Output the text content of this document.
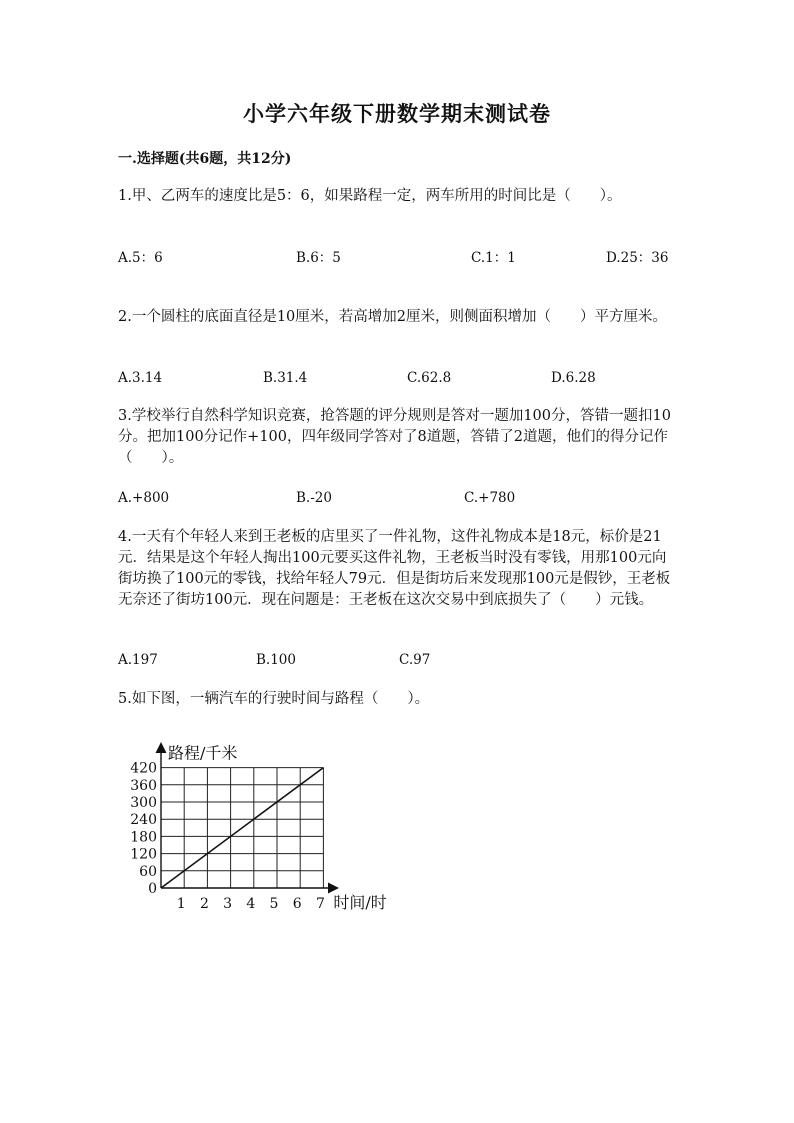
小学六年级下册数学期末测试卷
一.选择题(共6题，共12分)
1.甲、乙两车的速度比是5：6，如果路程一定，两车所用的时间比是（　　）。
A.5：6	B.6：5	C.1：1	D.25：36
2.一个圆柱的底面直径是10厘米，若高增加2厘米，则侧面积增加（　　）平方厘米。
A.3.14	B.31.4	C.62.8	D.6.28
3.学校举行自然科学知识竞赛，抢答题的评分规则是答对一题加100分，答错一题扣10分。把加100分记作+100，四年级同学答对了8道题，答错了2道题，他们的得分记作（　　）。
A.+800	B.-20	C.+780
4.一天有个年轻人来到王老板的店里买了一件礼物，这件礼物成本是18元，标价是21元．结果是这个年轻人掏出100元要买这件礼物，王老板当时没有零钱，用那100元向街坊换了100元的零钱，找给年轻人79元．但是街坊后来发现那100元是假钞，王老板无奈还了街坊100元．现在问题是：王老板在这次交易中到底损失了（　　）元钱。
A.197	B.100	C.97
5.如下图，一辆汽车的行驶时间与路程（　　）。
0
60
120
180
240
300
360
420
1 2 3 4 5 6 7
路程/千米
时间/时
